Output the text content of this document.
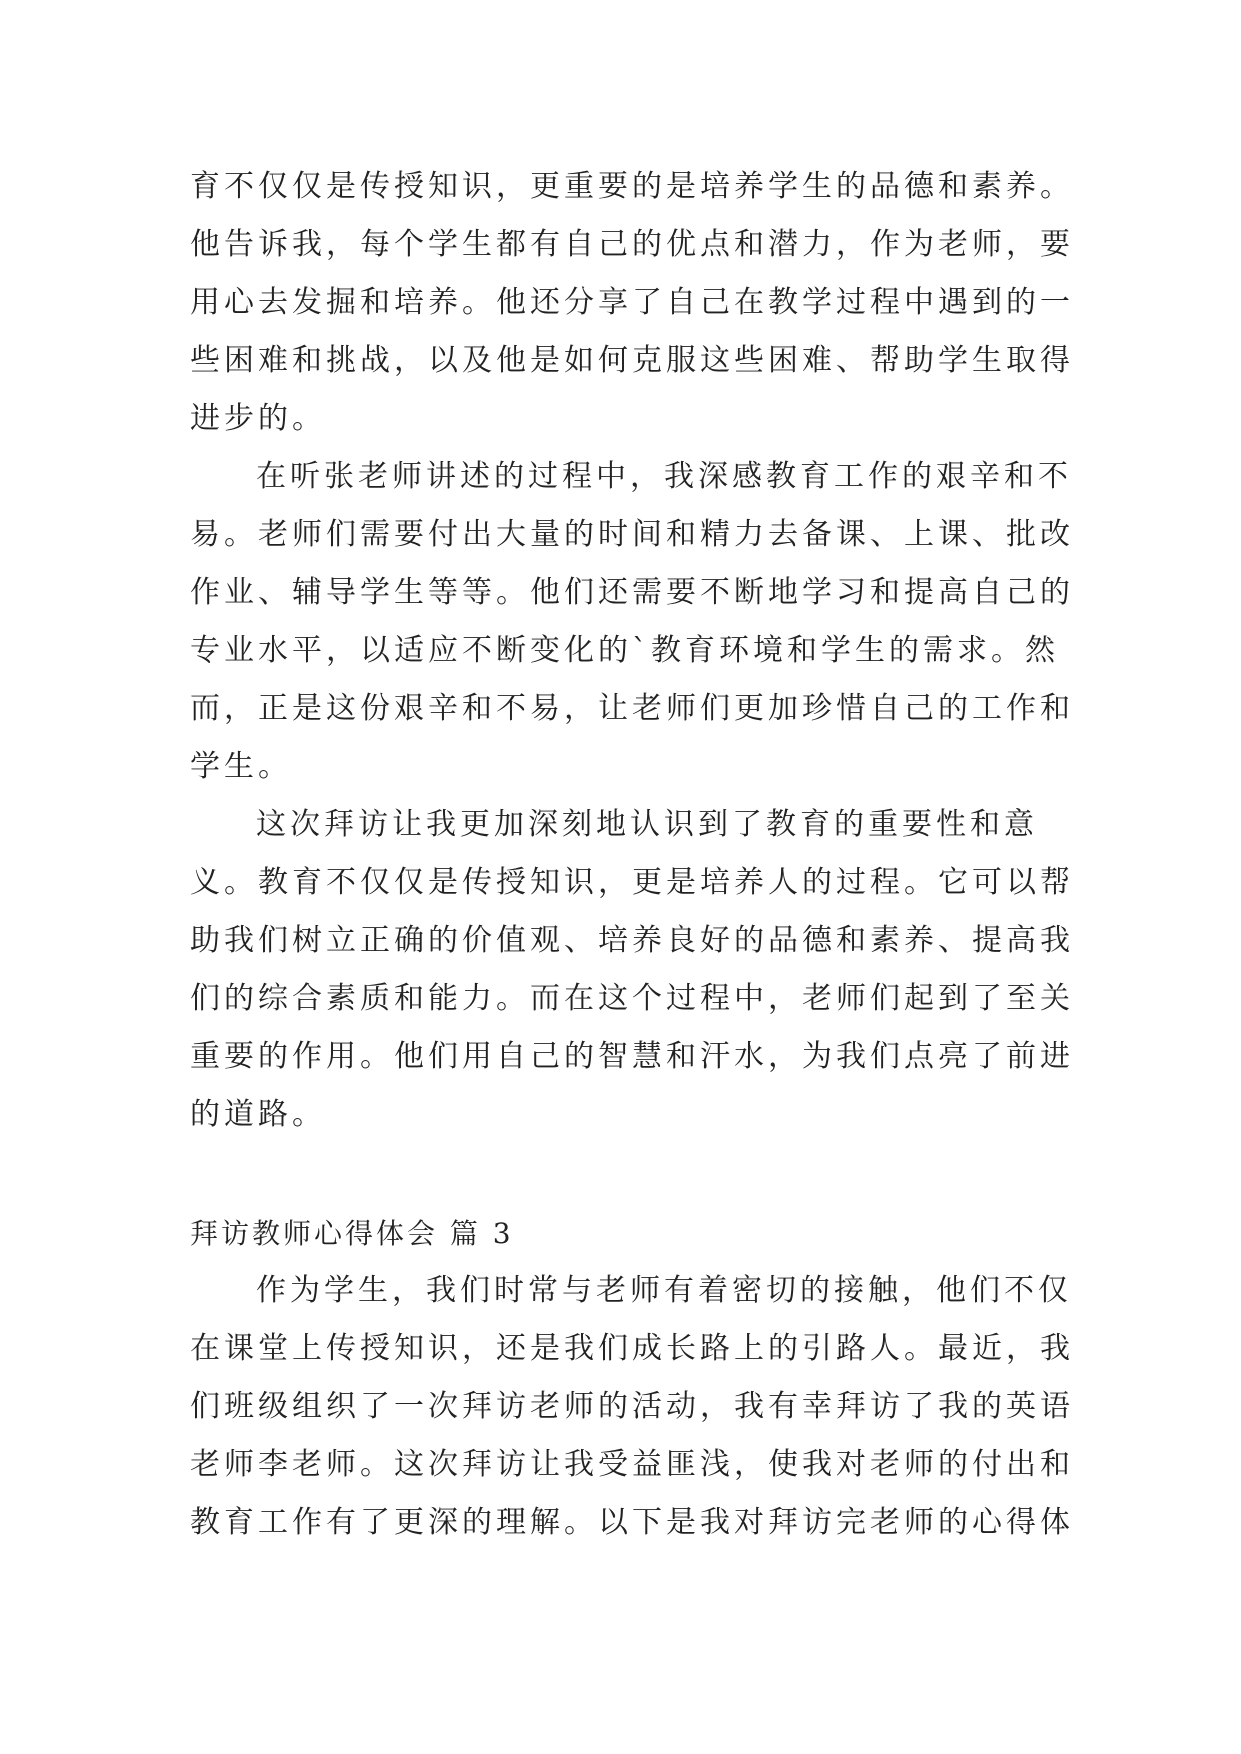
育不仅仅是传授知识，更重要的是培养学生的品德和素养。
他告诉我，每个学生都有自己的优点和潜力，作为老师，要
用心去发掘和培养。他还分享了自己在教学过程中遇到的一
些困难和挑战，以及他是如何克服这些困难、帮助学生取得
进步的。
在听张老师讲述的过程中，我深感教育工作的艰辛和不
易。老师们需要付出大量的时间和精力去备课、上课、批改
作业、辅导学生等等。他们还需要不断地学习和提高自己的
专业水平，以适应不断变化的`教育环境和学生的需求。然
而，正是这份艰辛和不易，让老师们更加珍惜自己的工作和
学生。
这次拜访让我更加深刻地认识到了教育的重要性和意
义。教育不仅仅是传授知识，更是培养人的过程。它可以帮
助我们树立正确的价值观、培养良好的品德和素养、提高我
们的综合素质和能力。而在这个过程中，老师们起到了至关
重要的作用。他们用自己的智慧和汗水，为我们点亮了前进
的道路。
拜访教师心得体会 篇 3
作为学生，我们时常与老师有着密切的接触，他们不仅
在课堂上传授知识，还是我们成长路上的引路人。最近，我
们班级组织了一次拜访老师的活动，我有幸拜访了我的英语
老师李老师。这次拜访让我受益匪浅，使我对老师的付出和
教育工作有了更深的理解。以下是我对拜访完老师的心得体
